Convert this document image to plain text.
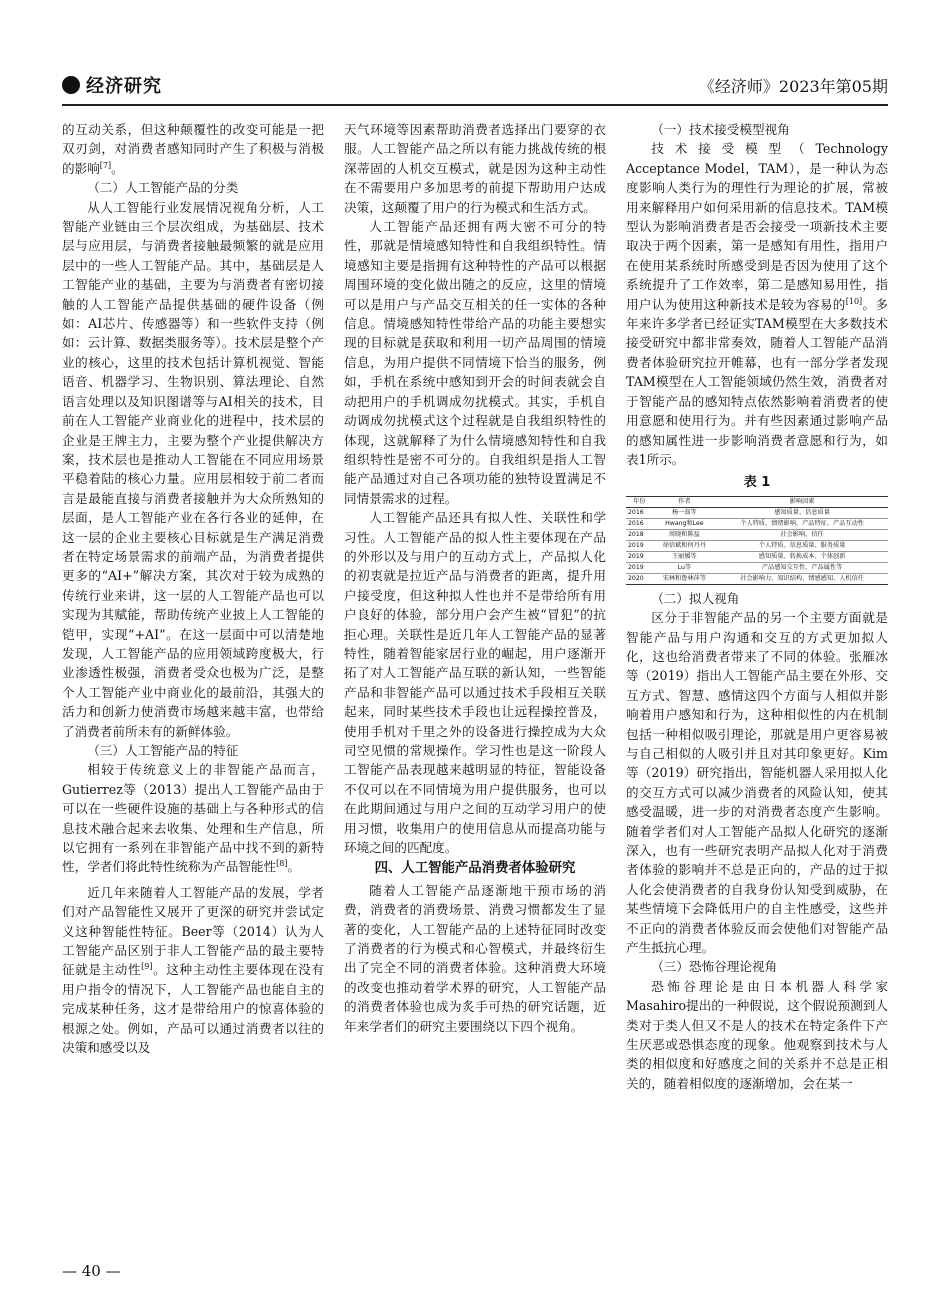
经济研究	《经济师》2023年第05期

的互动关系，但这种颠覆性的改变可能是一把双刃剑，对消费者感知同时产生了积极与消极的影响[7]。

（二）人工智能产品的分类

从人工智能行业发展情况视角分析，人工智能产业链由三个层次组成，为基础层、技术层与应用层，与消费者接触最频繁的就是应用层中的一些人工智能产品。其中，基础层是人工智能产业的基础，主要为与消费者有密切接触的人工智能产品提供基础的硬件设备（例如：AI芯片、传感器等）和一些软件支持（例如：云计算、数据类服务等）。技术层是整个产业的核心，这里的技术包括计算机视觉、智能语音、机器学习、生物识别、算法理论、自然语言处理以及知识图谱等与AI相关的技术，目前在人工智能产业商业化的进程中，技术层的企业是王牌主力，主要为整个产业提供解决方案，技术层也是推动人工智能在不同应用场景平稳着陆的核心力量。应用层相较于前二者而言是最能直接与消费者接触并为大众所熟知的层面，是人工智能产业在各行各业的延伸，在这一层的企业主要核心目标就是生产满足消费者在特定场景需求的前端产品，为消费者提供更多的“AI+”解决方案，其次对于较为成熟的传统行业来讲，这一层的人工智能产品也可以实现为其赋能，帮助传统产业披上人工智能的铠甲，实现“+AI”。在这一层面中可以清楚地发现，人工智能产品的应用领域跨度极大，行业渗透性极强，消费者受众也极为广泛，是整个人工智能产业中商业化的最前沿，其强大的活力和创新力使消费市场越来越丰富，也带给了消费者前所未有的新鲜体验。

（三）人工智能产品的特征

相较于传统意义上的非智能产品而言，Gutierrez等（2013）提出人工智能产品由于可以在一些硬件设施的基础上与各种形式的信息技术融合起来去收集、处理和生产信息，所以它拥有一系列在非智能产品中找不到的新特性，学者们将此特性统称为产品智能性[8]。

近几年来随着人工智能产品的发展，学者们对产品智能性又展开了更深的研究并尝试定义这种智能性特征。Beer等（2014）认为人工智能产品区别于非人工智能产品的最主要特征就是主动性[9]。这种主动性主要体现在没有用户指令的情况下，人工智能产品也能自主的完成某种任务，这才是带给用户的惊喜体验的根源之处。例如，产品可以通过消费者以往的决策和感受以及

天气环境等因素帮助消费者选择出门要穿的衣服。人工智能产品之所以有能力挑战传统的根深蒂固的人机交互模式，就是因为这种主动性在不需要用户多加思考的前提下帮助用户达成决策，这颠覆了用户的行为模式和生活方式。

人工智能产品还拥有两大密不可分的特性，那就是情境感知特性和自我组织特性。情境感知主要是指拥有这种特性的产品可以根据周围环境的变化做出随之的反应，这里的情境可以是用户与产品交互相关的任一实体的各种信息。情境感知特性带给产品的功能主要想实现的目标就是获取和利用一切产品周围的情境信息，为用户提供不同情境下恰当的服务，例如，手机在系统中感知到开会的时间表就会自动把用户的手机调成勿扰模式。其实，手机自动调成勿扰模式这个过程就是自我组织特性的体现，这就解释了为什么情境感知特性和自我组织特性是密不可分的。自我组织是指人工智能产品通过对自己各项功能的独特设置满足不同情景需求的过程。

人工智能产品还具有拟人性、关联性和学习性。人工智能产品的拟人性主要体现在产品的外形以及与用户的互动方式上，产品拟人化的初衷就是拉近产品与消费者的距离，提升用户接受度，但这种拟人性也并不是带给所有用户良好的体验，部分用户会产生被“冒犯”的抗拒心理。关联性是近几年人工智能产品的显著特性，随着智能家居行业的崛起，用户逐渐开拓了对人工智能产品互联的新认知，一些智能产品和非智能产品可以通过技术手段相互关联起来，同时某些技术手段也让远程操控普及，使用手机对千里之外的设备进行操控成为大众司空见惯的常规操作。学习性也是这一阶段人工智能产品表现越来越明显的特征，智能设备不仅可以在不同情境为用户提供服务，也可以在此期间通过与用户之间的互动学习用户的使用习惯，收集用户的使用信息从而提高功能与环境之间的匹配度。

四、人工智能产品消费者体验研究

随着人工智能产品逐渐地干预市场的消费，消费者的消费场景、消费习惯都发生了显著的变化，人工智能产品的上述特征同时改变了消费者的行为模式和心智模式，并最终衍生出了完全不同的消费者体验。这种消费大环境的改变也推动着学术界的研究，人工智能产品的消费者体验也成为炙手可热的研究话题，近年来学者们的研究主要围绕以下四个视角。

（一）技术接受模型视角

技术接受模型（Technology Acceptance Model，TAM），是一种认为态度影响人类行为的理性行为理论的扩展，常被用来解释用户如何采用新的信息技术。TAM模型认为影响消费者是否会接受一项新技术主要取决于两个因素，第一是感知有用性，指用户在使用某系统时所感受到是否因为使用了这个系统提升了工作效率，第二是感知易用性，指用户认为使用这种新技术是较为容易的[10]。多年来许多学者已经证实TAM模型在大多数技术接受研究中都非常奏效，随着人工智能产品消费者体验研究拉开帷幕，也有一部分学者发现TAM模型在人工智能领域仍然生效，消费者对于智能产品的感知特点依然影响着消费者的使用意愿和使用行为。并有些因素通过影响产品的感知属性进一步影响消费者意愿和行为，如表1所示。

表 1
年份	作者	影响因素
2016	杨一翁等	感知质量、信息质量
2016	Hwang和Lee	个人特质、情绪影响、产品特征、产品互动性
2018	周晓和陈益	社会影响、信任
2019	徐信斌和何丹丹	个人特质、信息质量、服务质量
2019	王丽媛等	感知质量、转换成本、个体创新
2019	Lu等	产品感知交互性、产品属性等
2020	宋林和鲁林萍等	社会影响力、知识结构、情感感知、人机信任
（二）拟人视角

区分于非智能产品的另一个主要方面就是智能产品与用户沟通和交互的方式更加拟人化，这也给消费者带来了不同的体验。张雁冰等（2019）指出人工智能产品主要在外形、交互方式、智慧、感情这四个方面与人相似并影响着用户感知和行为，这种相似性的内在机制包括一种相似吸引理论，那就是用户更容易被与自己相似的人吸引并且对其印象更好。Kim等（2019）研究指出，智能机器人采用拟人化的交互方式可以减少消费者的风险认知，使其感受温暖，进一步的对消费者态度产生影响。随着学者们对人工智能产品拟人化研究的逐渐深入，也有一些研究表明产品拟人化对于消费者体验的影响并不总是正向的，产品的过于拟人化会使消费者的自我身份认知受到威胁，在某些情境下会降低用户的自主性感受，这些并不正向的消费者体验反而会使他们对智能产品产生抵抗心理。

（三）恐怖谷理论视角

恐怖谷理论是由日本机器人科学家Masahiro提出的一种假说，这个假说预测到人类对于类人但又不是人的技术在特定条件下产生厌恶或恐惧态度的现象。他观察到技术与人类的相似度和好感度之间的关系并不总是正相关的，随着相似度的逐渐增加，会在某一

— 40 —
